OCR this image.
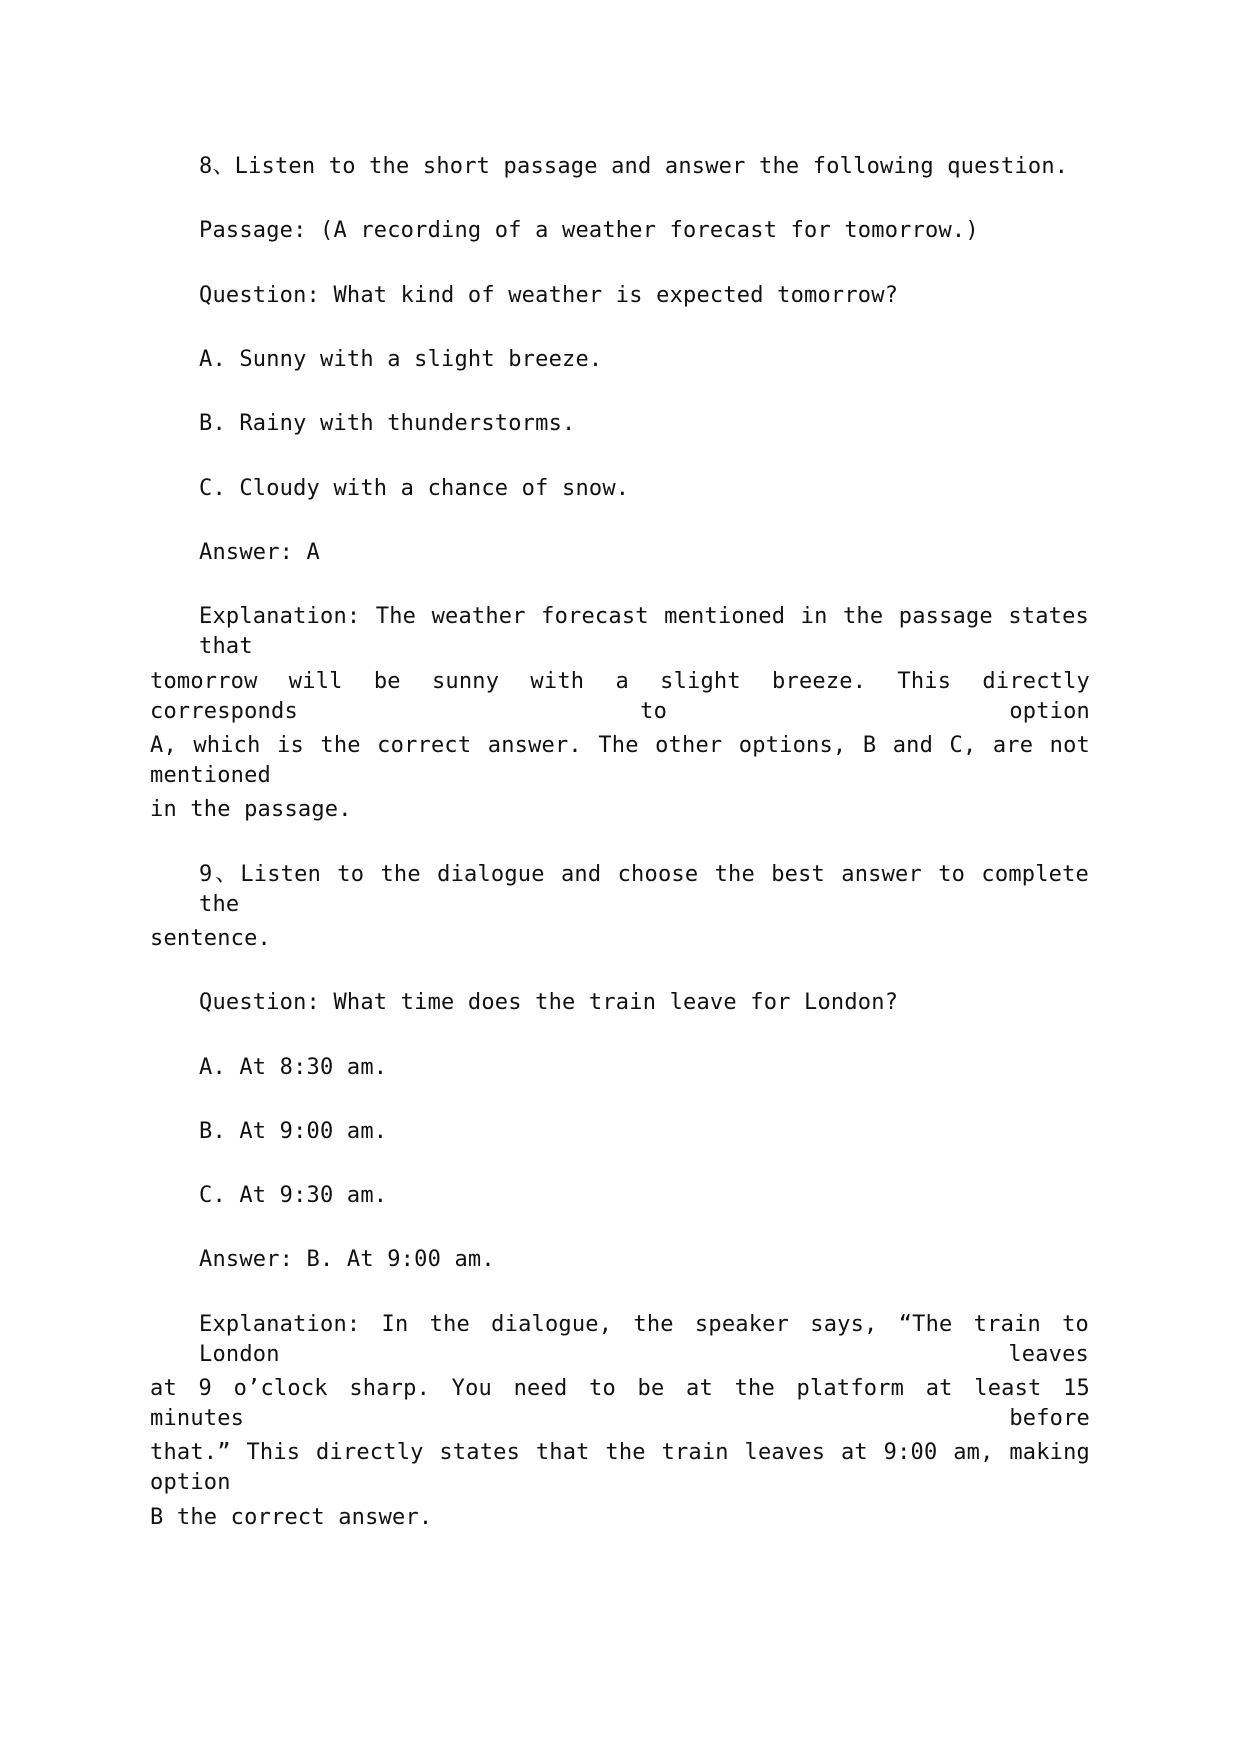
8、Listen to the short passage and answer the following question.
Passage: (A recording of a weather forecast for tomorrow.)
Question: What kind of weather is expected tomorrow?
A. Sunny with a slight breeze.
B. Rainy with thunderstorms.
C. Cloudy with a chance of snow.
Answer: A
Explanation: The weather forecast mentioned in the passage states that
tomorrow will be sunny with a slight breeze. This directly corresponds to option
A, which is the correct answer. The other options, B and C, are not mentioned
in the passage.
9、Listen to the dialogue and choose the best answer to complete the
sentence.
Question: What time does the train leave for London?
A. At 8:30 am.
B. At 9:00 am.
C. At 9:30 am.
Answer: B. At 9:00 am.
Explanation: In the dialogue, the speaker says, “The train to London leaves
at 9 o’clock sharp. You need to be at the platform at least 15 minutes before
that.” This directly states that the train leaves at 9:00 am, making option
B the correct answer.
